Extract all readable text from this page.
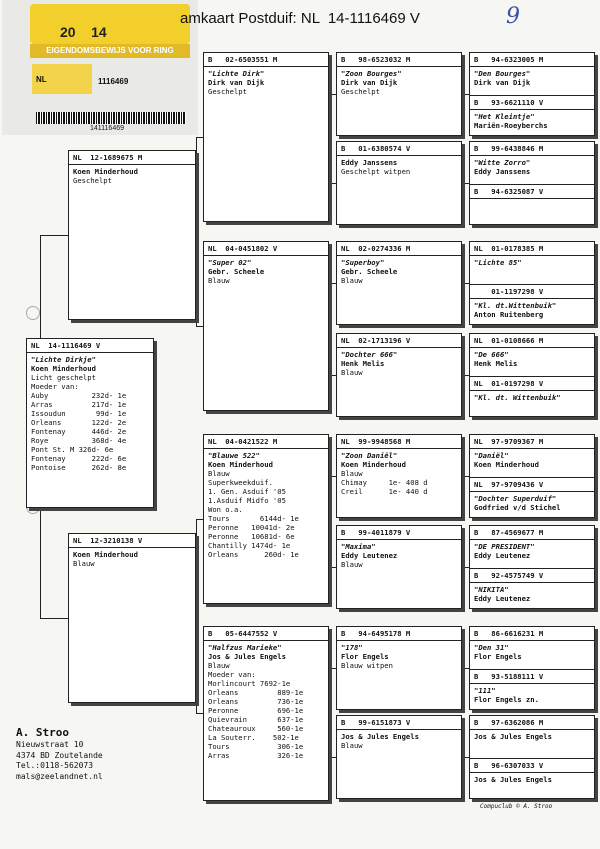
20 14
EIGENDOMSBEWIJS VOOR RING
NL	1116469
141116469
amkaart Postduif: NL  14-1116469 V	9
NL  14-1116469 V
"Lichte Dirkje"
Koen Minderhoud
Licht geschelpt
Moeder van:
Auby          232d- 1e
Arras         217d- 1e
Issoudun       99d- 1e
Orleans       122d- 2e
Fontenay      446d- 2e
Roye          368d- 4e
Pont St. M 326d- 6e
Fontenay      222d- 6e
Pontoise      262d- 8e
NL  12-1689675 M
Koen Minderhoud
Geschelpt
NL  12-3210138 V
Koen Minderhoud
Blauw
B   02-6503551 M
"Lichte Dirk"
Dirk van Dijk
Geschelpt
NL  04-0451802 V
"Super 02"
Gebr. Scheele
Blauw
NL  04-0421522 M
"Blauwe 522"
Koen Minderhoud
Blauw
Superkweekduif.
1. Gen. Asduif '05
1.Asduif Midfo '05
Won o.a.
Tours       6144d- 1e
Peronne   10041d- 2e
Peronne   10681d- 6e
Chantilly 1474d- 1e
Orleans      260d- 1e
B   05-6447552 V
"Halfzus Marieke"
Jos & Jules Engels
Blauw
Moeder van:
Morlincourt 7692-1e
Orleans         889-1e
Orleans         736-1e
Peronne         696-1e
Quievrain       637-1e
Chateauroux     560-1e
La Souterr.    502-1e
Tours           306-1e
Arras           326-1e
B   98-6523032 M
"Zoon Bourges"
Dirk van Dijk
Geschelpt
B   01-6380574 V
Eddy Janssens
Geschelpt witpen
NL  02-0274336 M
"Superboy"
Gebr. Scheele
Blauw
NL  02-1713196 V
"Dochter 666"
Henk Melis
Blauw
NL  99-9948568 M
"Zoon Daniël"
Koen Minderhoud
Blauw
Chimay     1e- 408 d
Creil      1e- 440 d
B   99-4011879 V
"Maxima"
Eddy Leutenez
Blauw
B   94-6495178 M
"178"
Flor Engels
Blauw witpen
B   99-6151873 V
Jos & Jules Engels
Blauw
B   94-6323005 M
"Den Bourges"
Dirk van Dijk
B   93-6621110 V
"Het Kleintje"
Mariën-Roeyberchs
B   99-6438846 M
"Witte Zorro"
Eddy Janssens
B   94-6325087 V
NL  01-0178385 M
"Lichte 85"
01-1197298 V
"Kl. dt.Wittenbuik"
Anton Ruitenberg
NL  01-0108666 M
"De 666"
Henk Melis
NL  01-0197298 V
"Kl. dt. Wittenbuik"
NL  97-9709367 M
"Daniël"
Koen Minderhoud
NL  97-9709436 V
"Dochter Superduif"
Godfried v/d Stichel
B   87-4569677 M
"DE PRESIDENT"
Eddy Leutenez
B   92-4575749 V
"NIKITA"
Eddy Leutenez
B   86-6616231 M
"Den 31"
Flor Engels
B   93-5188111 V
"111"
Flor Engels zn.
B   97-6362086 M
Jos & Jules Engels
B   96-6307033 V
Jos & Jules Engels
A. Stroo
Nieuwstraat 10
4374 BD Zoutelande
Tel.:0118-562073
mals@zeelandnet.nl
Compuclub © A. Stroo
